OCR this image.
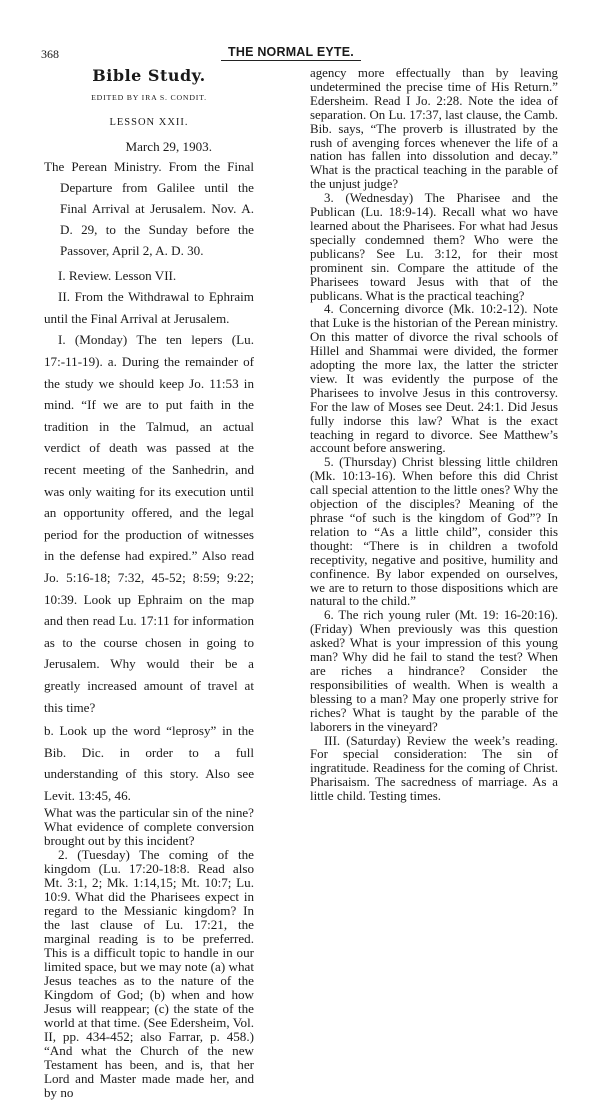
368	THE NORMAL EYTE.
Bible Study.
EDITED BY IRA S. CONDIT.
LESSON XXII.

March 29, 1903.

The Perean Ministry. From the Final Departure from Galilee until the Final Arrival at Jerusalem. Nov. A. D. 29, to the Sunday before the Passover, April 2, A. D. 30.

I. Review. Lesson VII.

II. From the Withdrawal to Ephraim until the Final Arrival at Jerusalem.

I. (Monday) The ten lepers (Lu. 17:-11-19). a. During the remainder of the study we should keep Jo. 11:53 in mind. “If we are to put faith in the tradition in the Talmud, an actual verdict of death was passed at the recent meeting of the Sanhedrin, and was only waiting for its execution until an opportunity offered, and the legal period for the production of witnesses in the defense had expired.” Also read Jo. 5:16-18; 7:32, 45-52; 8:59; 9:22; 10:39. Look up Ephraim on the map and then read Lu. 17:11 for information as to the course chosen in going to Jerusalem. Why would their be a greatly increased amount of travel at this time?

b. Look up the word “leprosy” in the Bib. Dic. in order to a full understanding of this story. Also see Levit. 13:45, 46.

What was the particular sin of the nine? What evidence of complete conversion brought out by this incident?

2. (Tuesday) The coming of the kingdom (Lu. 17:20-18:8. Read also Mt. 3:1, 2; Mk. 1:14,15; Mt. 10:7; Lu. 10:9. What did the Pharisees expect in regard to the Messianic kingdom? In the last clause of Lu. 17:21, the marginal reading is to be preferred. This is a difficult topic to handle in our limited space, but we may note (a) what Jesus teaches as to the nature of the Kingdom of God; (b) when and how Jesus will reappear; (c) the state of the world at that time. (See Edersheim, Vol. II, pp. 434-452; also Farrar, p. 458.) “And what the Church of the new Testament has been, and is, that her Lord and Master made made her, and by no

agency more effectually than by leaving undetermined the precise time of His Return.” Edersheim. Read I Jo. 2:28. Note the idea of separation. On Lu. 17:37, last clause, the Camb. Bib. says, “The proverb is illustrated by the rush of avenging forces whenever the life of a nation has fallen into dissolution and decay.” What is the practical teaching in the parable of the unjust judge?

3. (Wednesday) The Pharisee and the Publican (Lu. 18:9-14). Recall what wo have learned about the Pharisees. For what had Jesus specially condemned them? Who were the publicans? See Lu. 3:12, for their most prominent sin. Compare the attitude of the Pharisees toward Jesus with that of the publicans. What is the practical teaching?

4. Concerning divorce (Mk. 10:2-12). Note that Luke is the historian of the Perean ministry. On this matter of divorce the rival schools of Hillel and Shammai were divided, the former adopting the more lax, the latter the stricter view. It was evidently the purpose of the Pharisees to involve Jesus in this controversy. For the law of Moses see Deut. 24:1. Did Jesus fully indorse this law? What is the exact teaching in regard to divorce. See Matthew’s account before answering.

5. (Thursday) Christ blessing little children (Mk. 10:13-16). When before this did Christ call special attention to the little ones? Why the objection of the disciples? Meaning of the phrase “of such is the kingdom of God”? In relation to “As a little child”, consider this thought: “There is in children a twofold receptivity, negative and positive, humility and confinence. By labor expended on ourselves, we are to return to those dispositions which are natural to the child.”

6. The rich young ruler (Mt. 19: 16-20:16). (Friday) When previously was this question asked? What is your impression of this young man? Why did he fail to stand the test? When are riches a hindrance? Consider the responsibilities of wealth. When is wealth a blessing to a man? May one properly strive for riches? What is taught by the parable of the laborers in the vineyard?

III. (Saturday) Review the week’s reading. For special consideration: The sin of ingratitude. Readiness for the coming of Christ. Pharisaism. The sacredness of marriage. As a little child. Testing times.
